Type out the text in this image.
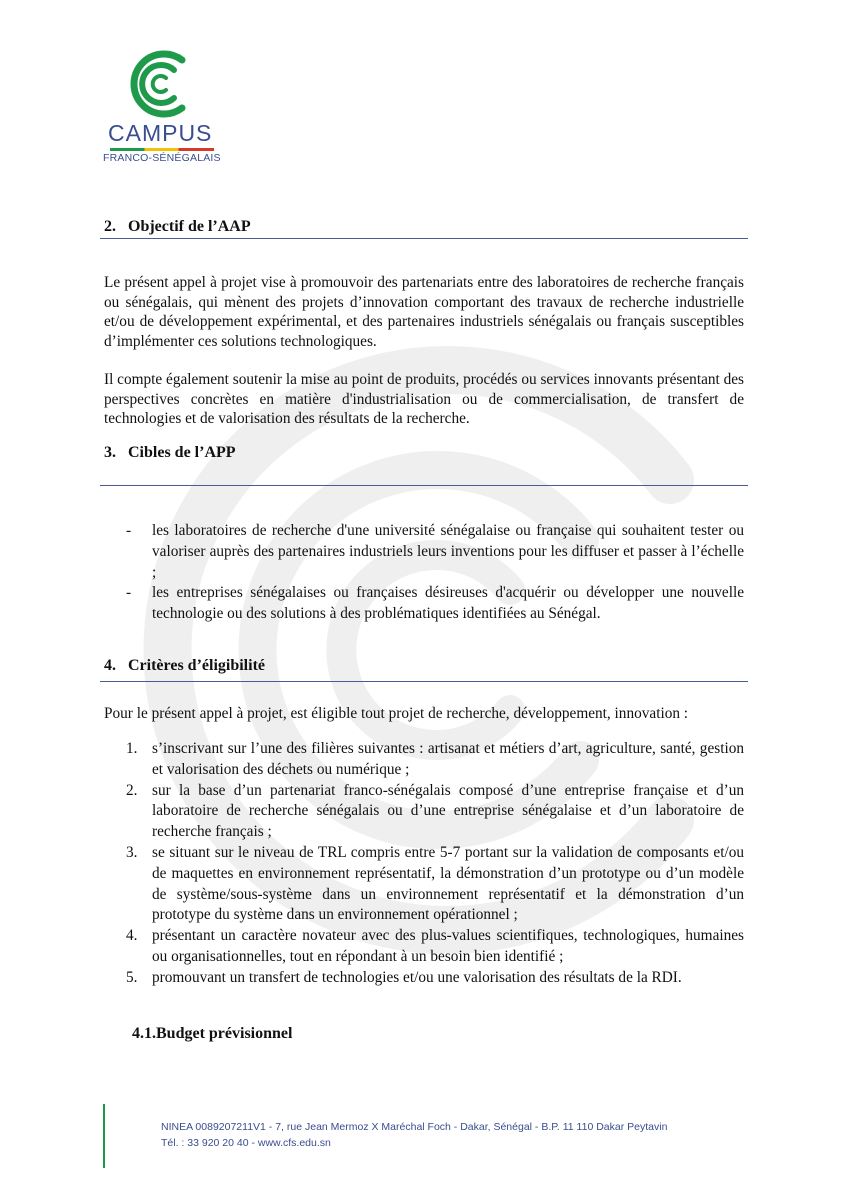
CAMPUS
FRANCO-SÉNÉGALAIS
2. Objectif de l’AAP
Le présent appel à projet vise à promouvoir des partenariats entre des laboratoires de recherche français ou sénégalais, qui mènent des projets d’innovation comportant des travaux de recherche industrielle et/ou de développement expérimental, et des partenaires industriels sénégalais ou français susceptibles d’implémenter ces solutions technologiques.
Il compte également soutenir la mise au point de produits, procédés ou services innovants présentant des perspectives concrètes en matière d'industrialisation ou de commercialisation, de transfert de technologies et de valorisation des résultats de la recherche.
3. Cibles de l’APP
- les laboratoires de recherche d'une université sénégalaise ou française qui souhaitent tester ou valoriser auprès des partenaires industriels leurs inventions pour les diffuser et passer à l’échelle ;
- les entreprises sénégalaises ou françaises désireuses d'acquérir ou développer une nouvelle technologie ou des solutions à des problématiques identifiées au Sénégal.
4. Critères d’éligibilité
Pour le présent appel à projet, est éligible tout projet de recherche, développement, innovation :
1. s’inscrivant sur l’une des filières suivantes : artisanat et métiers d’art, agriculture, santé, gestion et valorisation des déchets ou numérique ;
2. sur la base d’un partenariat franco-sénégalais composé d’une entreprise française et d’un laboratoire de recherche sénégalais ou d’une entreprise sénégalaise et d’un laboratoire de recherche français ;
3. se situant sur le niveau de TRL compris entre 5-7 portant sur la validation de composants et/ou de maquettes en environnement représentatif, la démonstration d’un prototype ou d’un modèle de système/sous-système dans un environnement représentatif et la démonstration d’un prototype du système dans un environnement opérationnel ;
4. présentant un caractère novateur avec des plus-values scientifiques, technologiques, humaines ou organisationnelles, tout en répondant à un besoin bien identifié ;
5. promouvant un transfert de technologies et/ou une valorisation des résultats de la RDI.
4.1.Budget prévisionnel
NINEA 0089207211V1 - 7, rue Jean Mermoz X Maréchal Foch - Dakar, Sénégal - B.P. 11 110 Dakar Peytavin
Tél. : 33 920 20 40 - www.cfs.edu.sn
